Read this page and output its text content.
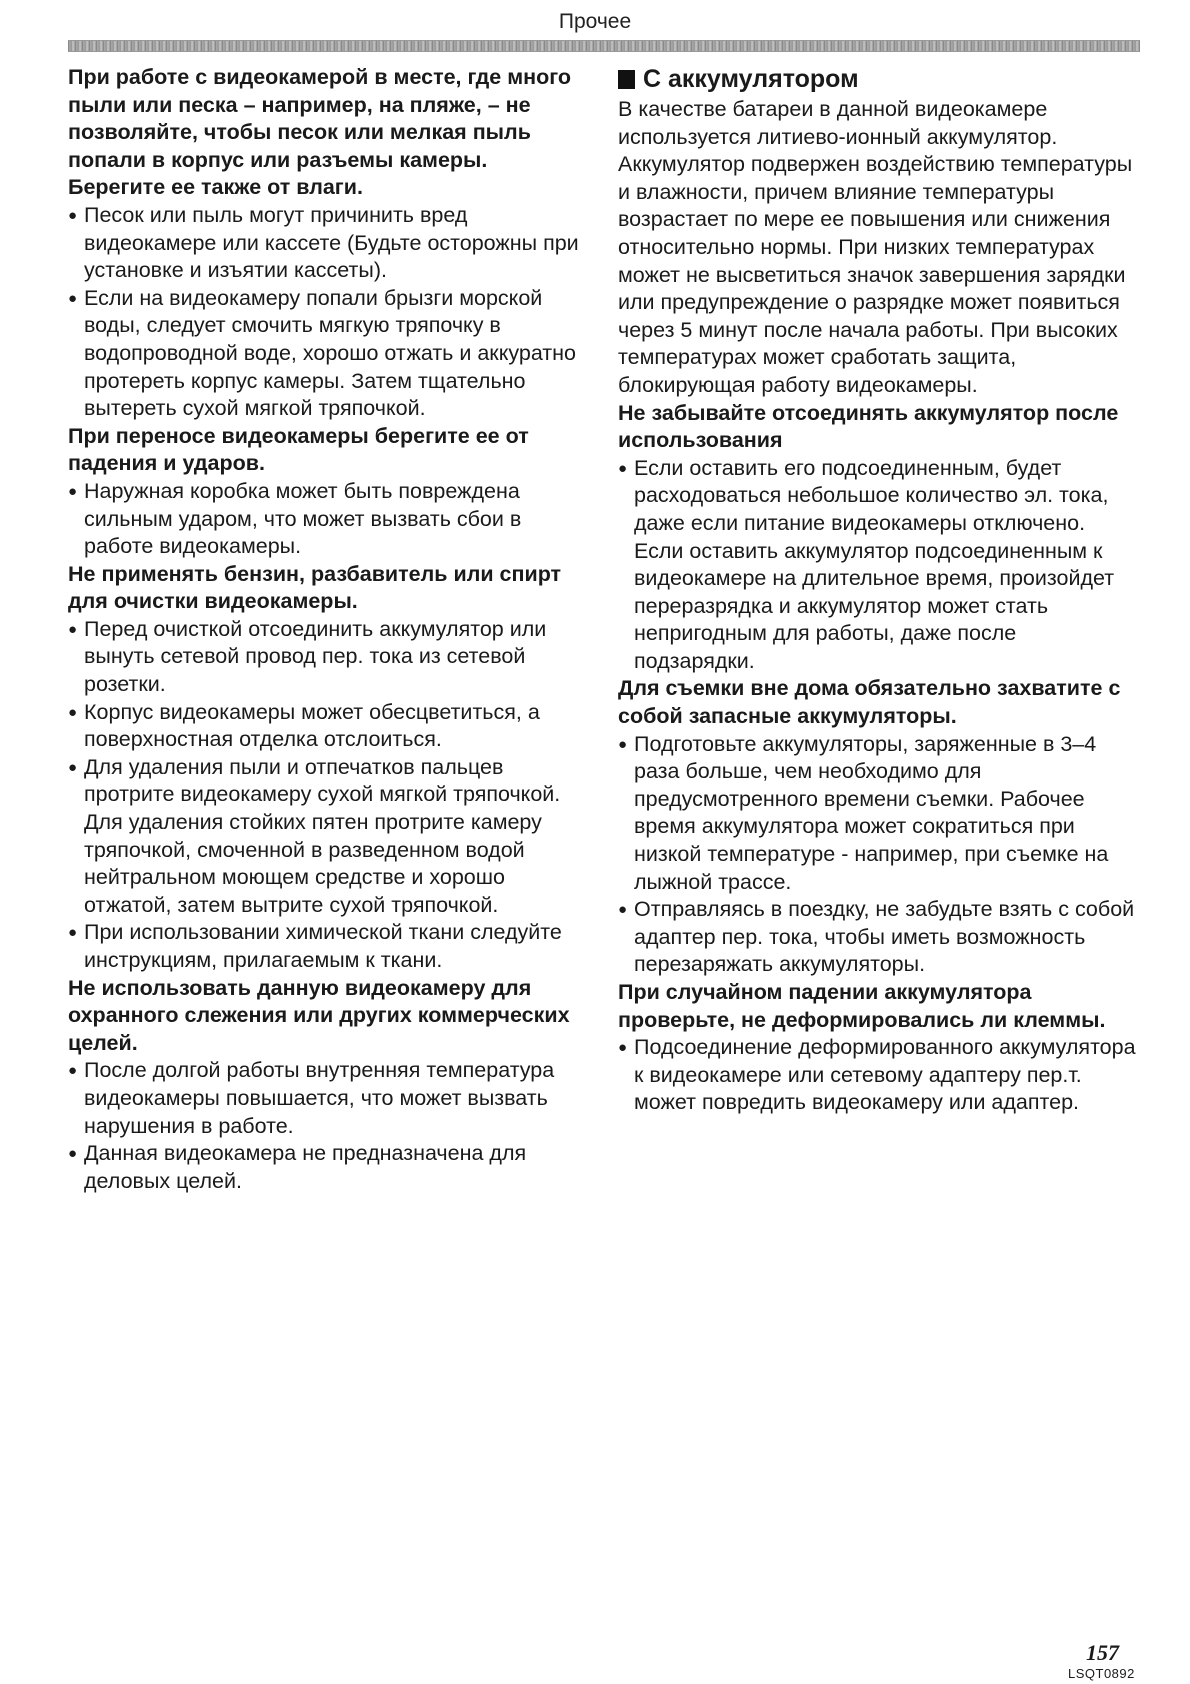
Прочее

При работе с видеокамерой в месте, где много пыли или песка – например, на пляже, – не позволяйте, чтобы песок или мелкая пыль попали в корпус или разъемы камеры. Берегите ее также от влаги.

● Песок или пыль могут причинить вред видеокамере или кассете (Будьте осторожны при установке и изъятии кассеты).

● Если на видеокамеру попали брызги морской воды, следует смочить мягкую тряпочку в водопроводной воде, хорошо отжать и аккуратно протереть корпус камеры. Затем тщательно вытереть сухой мягкой тряпочкой.

При переносе видеокамеры берегите ее от падения и ударов.

● Наружная коробка может быть повреждена сильным ударом, что может вызвать сбои в работе видеокамеры.

Не применять бензин, разбавитель или спирт для очистки видеокамеры.

● Перед очисткой отсоединить аккумулятор или вынуть сетевой провод пер. тока из сетевой розетки.

● Корпус видеокамеры может обесцветиться, а поверхностная отделка отслоиться.

● Для удаления пыли и отпечатков пальцев протрите видеокамеру сухой мягкой тряпочкой. Для удаления стойких пятен протрите камеру тряпочкой, смоченной в разведенном водой нейтральном моющем средстве и хорошо отжатой, затем вытрите сухой тряпочкой.

● При использовании химической ткани следуйте инструкциям, прилагаемым к ткани.

Не использовать данную видеокамеру для охранного слежения или других коммерческих целей.

● После долгой работы внутренняя температура видеокамеры повышается, что может вызвать нарушения в работе.

● Данная видеокамера не предназначена для деловых целей.

С аккумулятором

В качестве батареи в данной видеокамере используется литиево-ионный аккумулятор. Аккумулятор подвержен воздействию температуры и влажности, причем влияние температуры возрастает по мере ее повышения или снижения относительно нормы. При низких температурах может не высветиться значок завершения зарядки или предупреждение о разрядке может появиться через 5 минут после начала работы. При высоких температурах может сработать защита, блокирующая работу видеокамеры.

Не забывайте отсоединять аккумулятор после использования

● Если оставить его подсоединенным, будет расходоваться небольшое количество эл. тока, даже если питание видеокамеры отключено. Если оставить аккумулятор подсоединенным к видеокамере на длительное время, произойдет переразрядка и аккумулятор может стать непригодным для работы, даже после подзарядки.

Для съемки вне дома обязательно захватите с собой запасные аккумуляторы.

● Подготовьте аккумуляторы, заряженные в 3–4 раза больше, чем необходимо для предусмотренного времени съемки. Рабочее время аккумулятора может сократиться при низкой температуре - например, при съемке на лыжной трассе.

● Отправляясь в поездку, не забудьте взять с собой адаптер пер. тока, чтобы иметь возможность перезаряжать аккумуляторы.

При случайном падении аккумулятора проверьте, не деформировались ли клеммы.

● Подсоединение деформированного аккумулятора к видеокамере или сетевому адаптеру пер.т. может повредить видеокамеру или адаптер.

157
LSQT0892
